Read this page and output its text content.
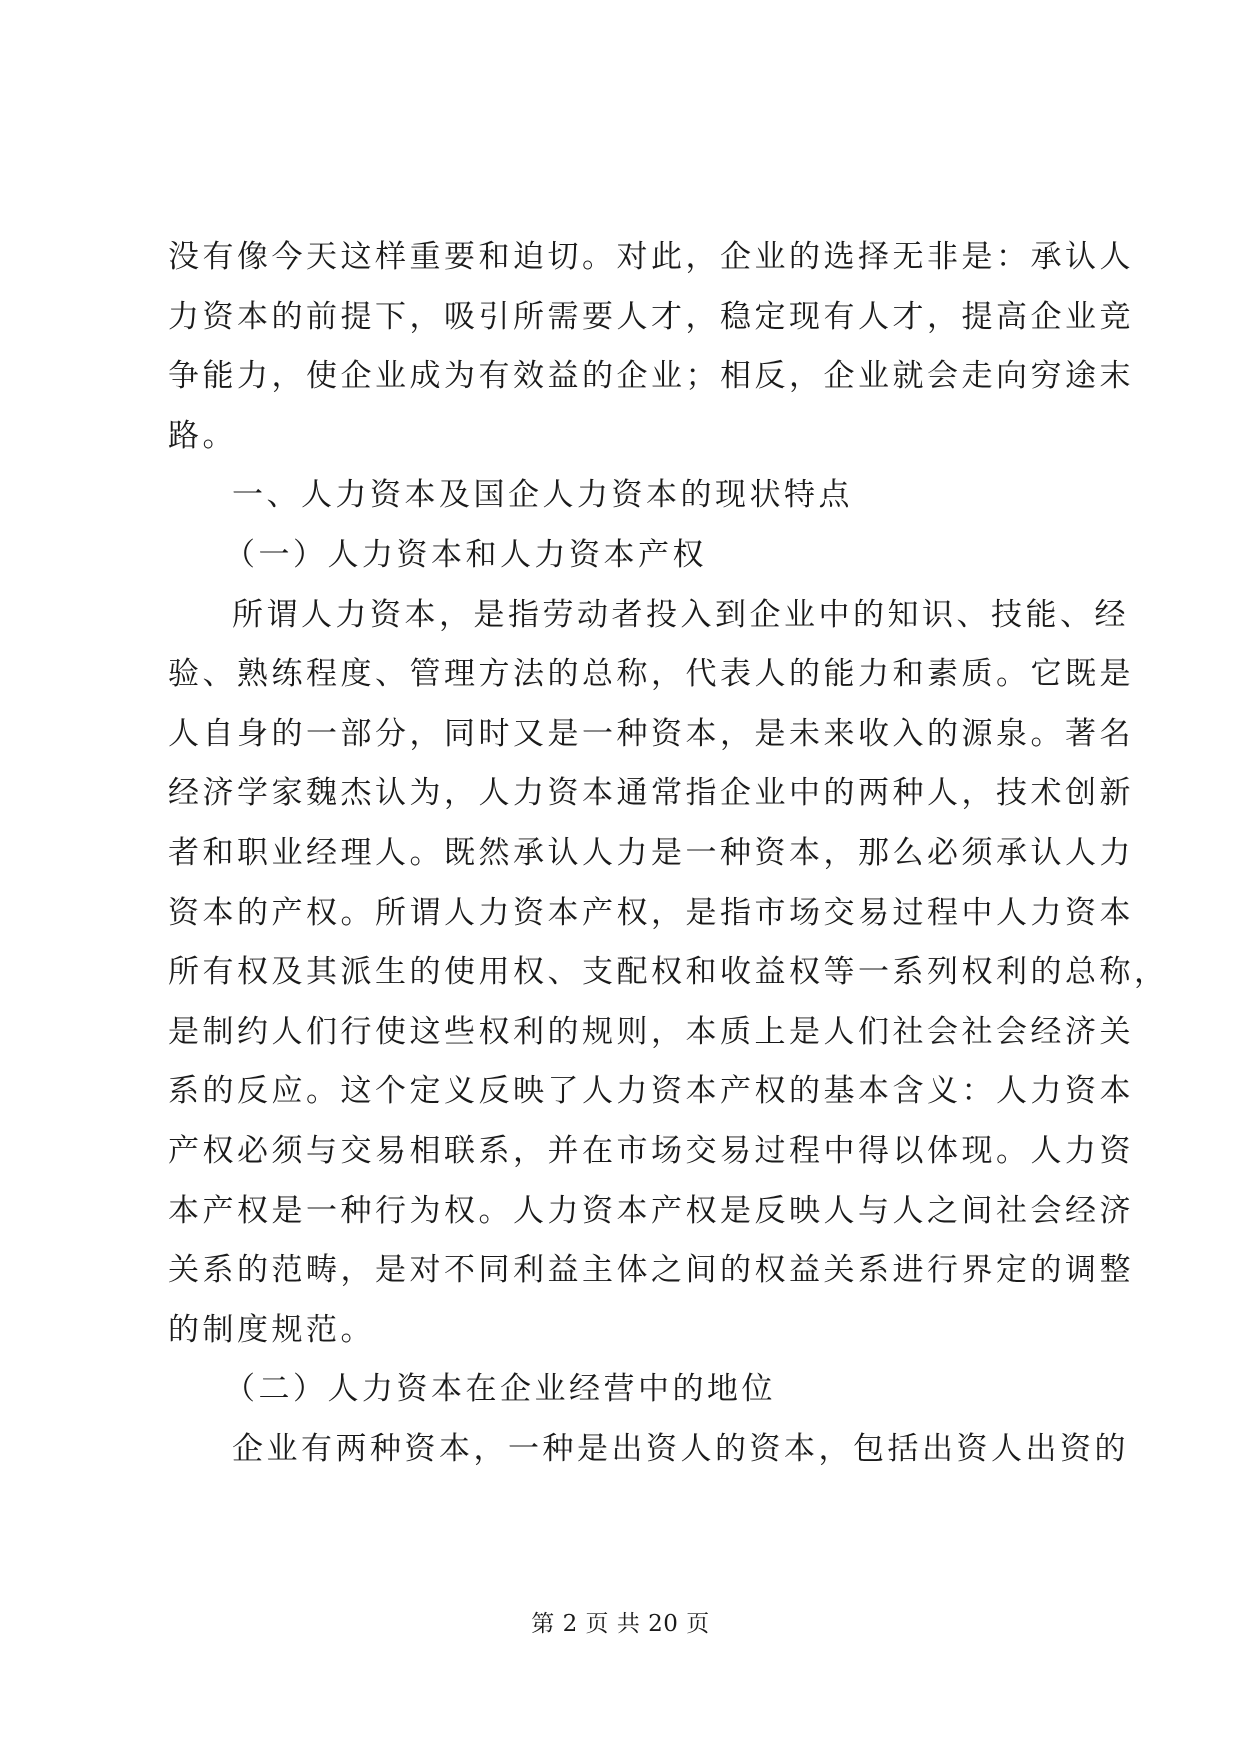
没有像今天这样重要和迫切。对此，企业的选择无非是：承认人
力资本的前提下，吸引所需要人才，稳定现有人才，提高企业竞
争能力，使企业成为有效益的企业；相反，企业就会走向穷途末
路。
一、人力资本及国企人力资本的现状特点
（一）人力资本和人力资本产权
所谓人力资本，是指劳动者投入到企业中的知识、技能、经
验、熟练程度、管理方法的总称，代表人的能力和素质。它既是
人自身的一部分，同时又是一种资本，是未来收入的源泉。著名
经济学家魏杰认为，人力资本通常指企业中的两种人，技术创新
者和职业经理人。既然承认人力是一种资本，那么必须承认人力
资本的产权。所谓人力资本产权，是指市场交易过程中人力资本
所有权及其派生的使用权、支配权和收益权等一系列权利的总称，
是制约人们行使这些权利的规则，本质上是人们社会社会经济关
系的反应。这个定义反映了人力资本产权的基本含义：人力资本
产权必须与交易相联系，并在市场交易过程中得以体现。人力资
本产权是一种行为权。人力资本产权是反映人与人之间社会经济
关系的范畴，是对不同利益主体之间的权益关系进行界定的调整
的制度规范。
（二）人力资本在企业经营中的地位
企业有两种资本，一种是出资人的资本，包括出资人出资的
第 2 页 共 20 页
